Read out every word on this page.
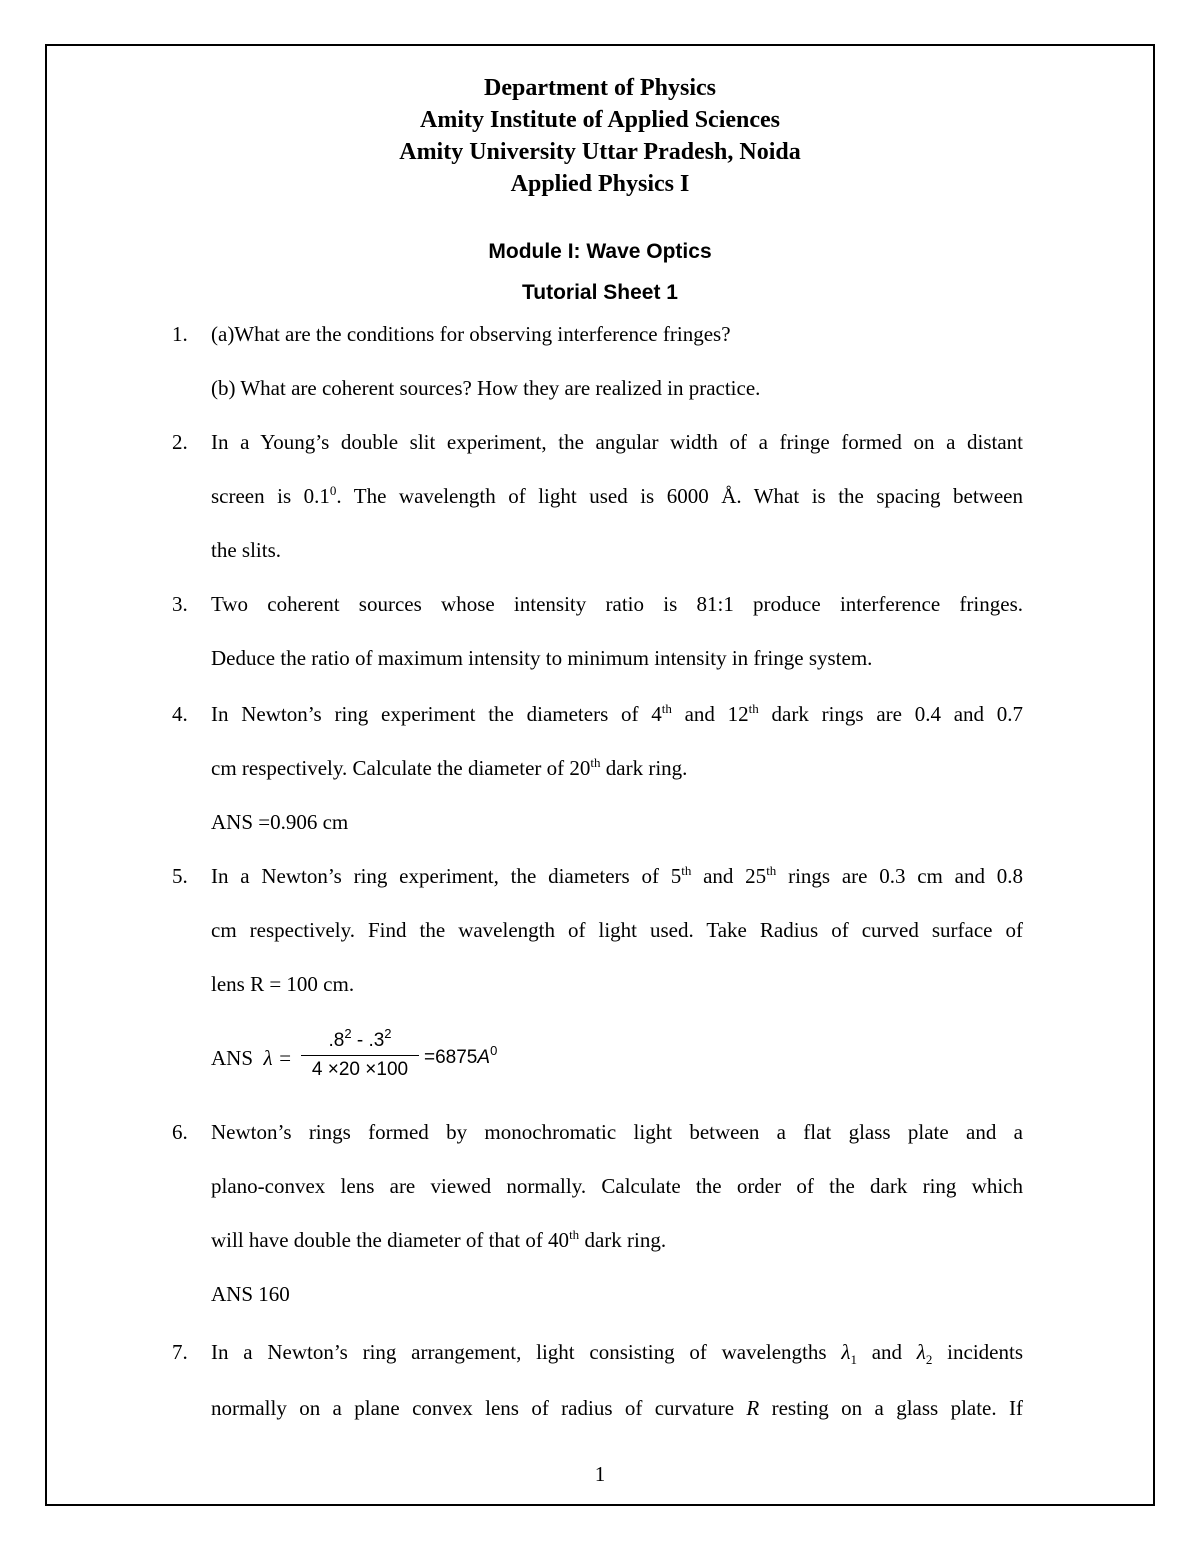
Department of Physics
Amity Institute of Applied Sciences
Amity University Uttar Pradesh, Noida
Applied Physics I
Module I: Wave Optics
Tutorial Sheet 1
1. (a)What are the conditions for observing interference fringes?
(b) What are coherent sources? How they are realized in practice.
2. In a Young’s double slit experiment, the angular width of a fringe formed on a distant
screen is $0.1^0$. The wavelength of light used is 6000 Å. What is the spacing between
the slits.
3. Two coherent sources whose intensity ratio is 81:1 produce interference fringes.
Deduce the ratio of maximum intensity to minimum intensity in fringe system.
4. In Newton’s ring experiment the diameters of 4th and 12th dark rings are 0.4 and 0.7
cm respectively. Calculate the diameter of 20th dark ring.
ANS =0.906 cm
5. In a Newton’s ring experiment, the diameters of 5th and 25th rings are 0.3 cm and 0.8
cm respectively. Find the wavelength of light used. Take Radius of curved surface of
lens R = 100 cm.
ANS $\lambda = \frac{.8^2 - .3^2}{4 \times 20 \times 100} =6875A^0$
6. Newton’s rings formed by monochromatic light between a flat glass plate and a
plano-convex lens are viewed normally. Calculate the order of the dark ring which
will have double the diameter of that of 40th dark ring.
ANS 160
7. In a Newton’s ring arrangement, light consisting of wavelengths $\lambda_1$ and $\lambda_2$ incidents
normally on a plane convex lens of radius of curvature R resting on a glass plate. If
1
